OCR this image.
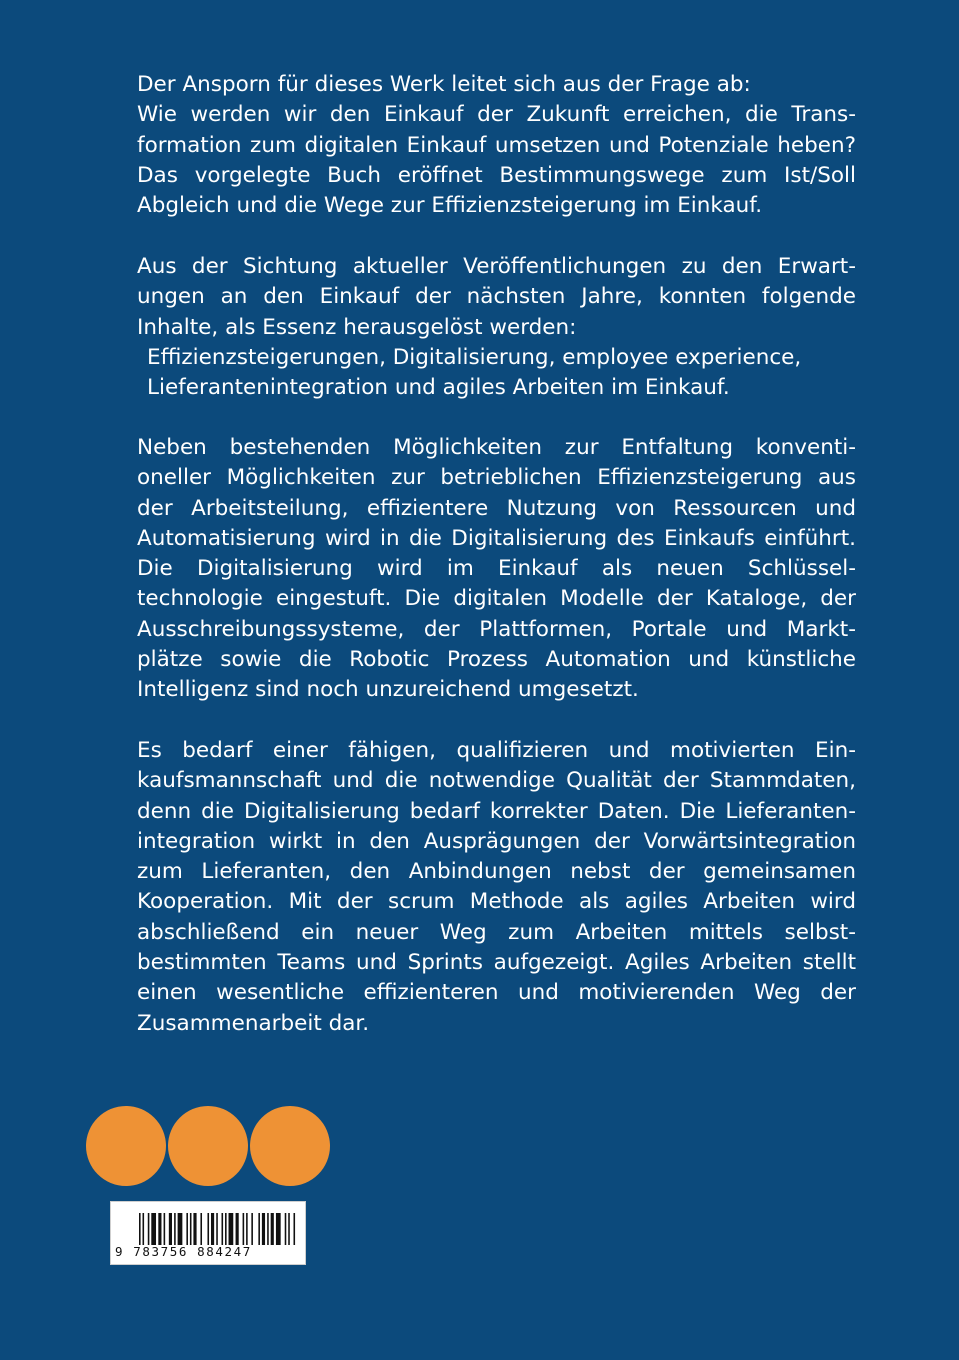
Der Ansporn für dieses Werk leitet sich aus der Frage ab:
Wie werden wir den Einkauf der Zukunft erreichen, die Trans-
formation zum digitalen Einkauf umsetzen und Potenziale heben?
Das vorgelegte Buch eröffnet Bestimmungswege zum Ist/Soll
Abgleich und die Wege zur Effizienzsteigerung im Einkauf.
Aus der Sichtung aktueller Veröffentlichungen zu den Erwart-
ungen an den Einkauf der nächsten Jahre, konnten folgende
Inhalte, als Essenz herausgelöst werden:
Effizienzsteigerungen, Digitalisierung, employee experience,
Lieferantenintegration und agiles Arbeiten im Einkauf.
Neben bestehenden Möglichkeiten zur Entfaltung konventi-
oneller Möglichkeiten zur betrieblichen Effizienzsteigerung aus
der Arbeitsteilung, effizientere Nutzung von Ressourcen und
Automatisierung wird in die Digitalisierung des Einkaufs einführt.
Die Digitalisierung wird im Einkauf als neuen Schlüssel-
technologie eingestuft. Die digitalen Modelle der Kataloge, der
Ausschreibungssysteme, der Plattformen, Portale und Markt-
plätze sowie die Robotic Prozess Automation und künstliche
Intelligenz sind noch unzureichend umgesetzt.
Es bedarf einer fähigen, qualifizieren und motivierten Ein-
kaufsmannschaft und die notwendige Qualität der Stammdaten,
denn die Digitalisierung bedarf korrekter Daten. Die Lieferanten-
integration wirkt in den Ausprägungen der Vorwärtsintegration
zum Lieferanten, den Anbindungen nebst der gemeinsamen
Kooperation. Mit der scrum Methode als agiles Arbeiten wird
abschließend ein neuer Weg zum Arbeiten mittels selbst-
bestimmten Teams und Sprints aufgezeigt. Agiles Arbeiten stellt
einen wesentliche effizienteren und motivierenden Weg der
Zusammenarbeit dar.
9 783756 884247
